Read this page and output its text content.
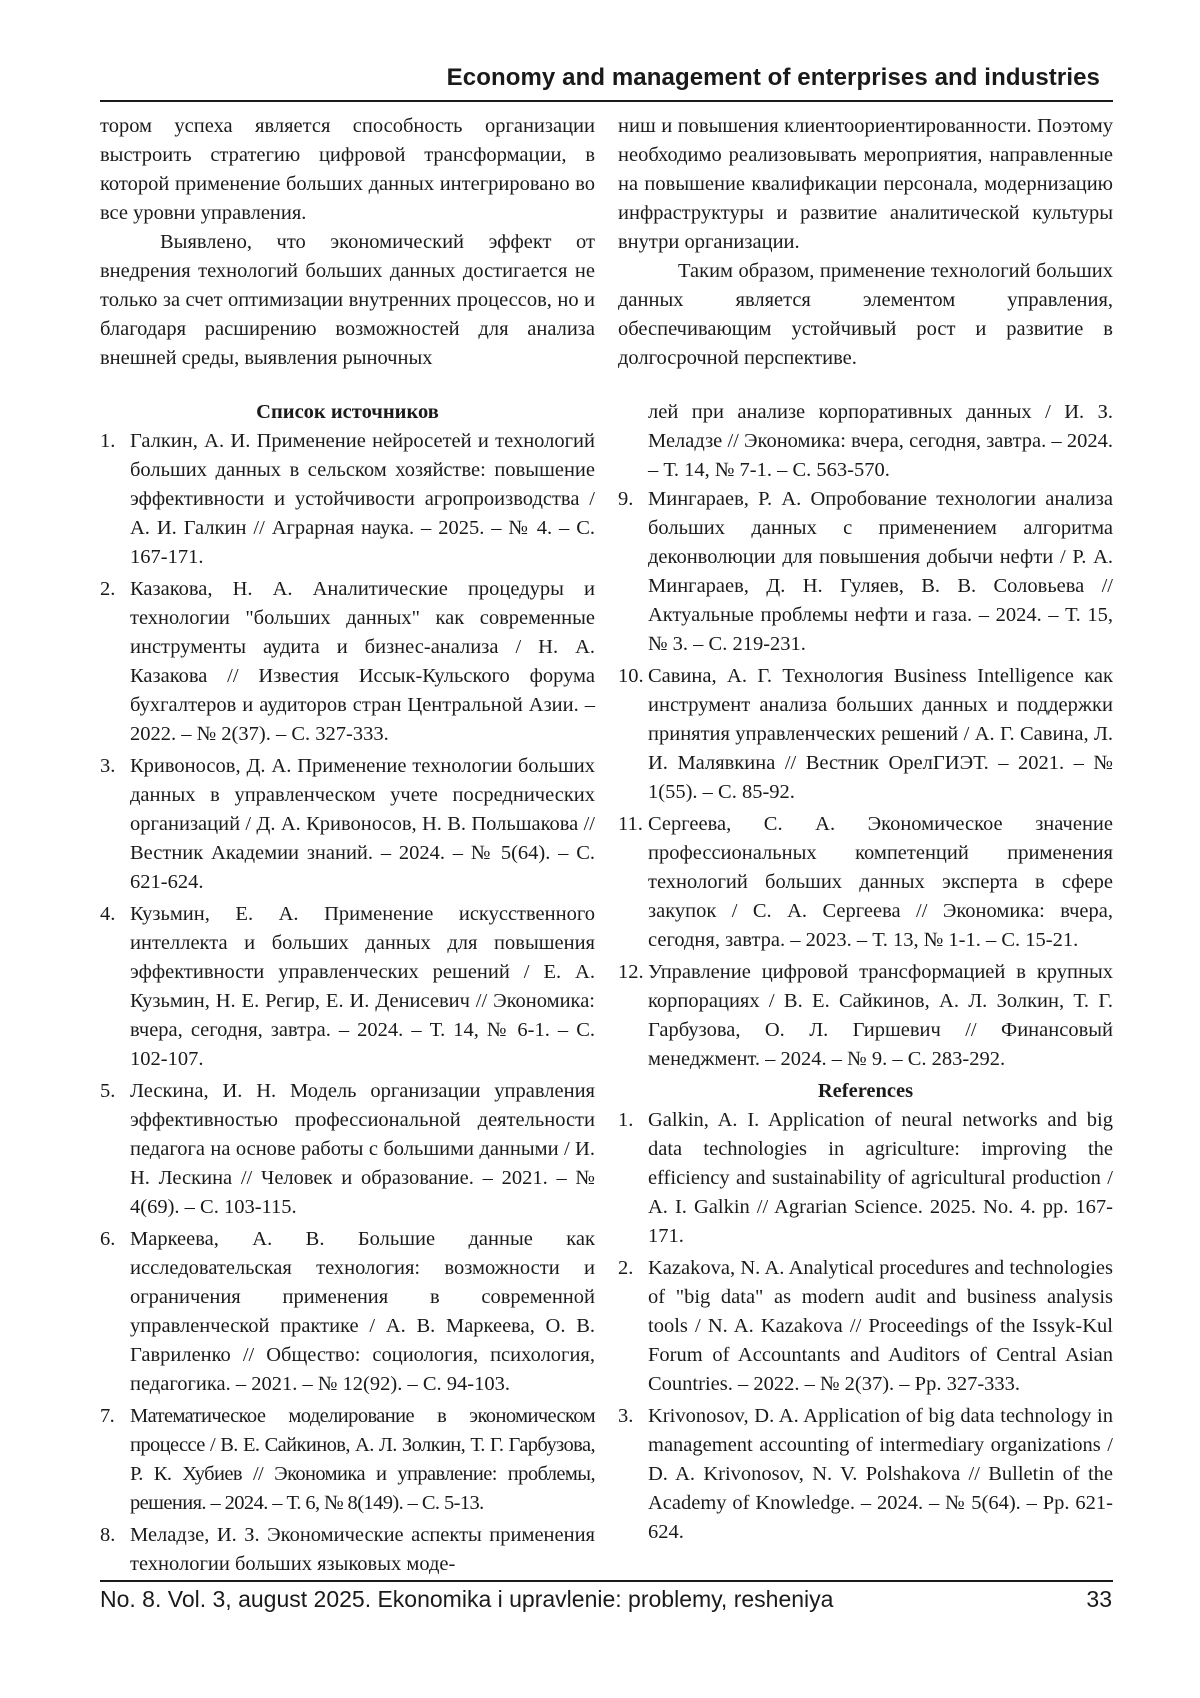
Economy and management of enterprises and industries

тором успеха является способность организации выстроить стратегию цифровой трансформации, в которой применение больших данных интегрировано во все уровни управления.

Выявлено, что экономический эффект от внедрения технологий больших данных достигается не только за счет оптимизации внутренних процессов, но и благодаря расширению возможностей для анализа внешней среды, выявления рыночных

ниш и повышения клиентоориентированности. Поэтому необходимо реализовывать мероприятия, направленные на повышение квалификации персонала, модернизацию инфраструктуры и развитие аналитической культуры внутри организации.

Таким образом, применение технологий больших данных является элементом управления, обеспечивающим устойчивый рост и развитие в долгосрочной перспективе.

Список источников

1. Галкин, А. И. Применение нейросетей и технологий больших данных в сельском хозяйстве: повышение эффективности и устойчивости агропроизводства / А. И. Галкин // Аграрная наука. – 2025. – № 4. – С. 167-171.
2. Казакова, Н. А. Аналитические процедуры и технологии "больших данных" как современные инструменты аудита и бизнес-анализа / Н. А. Казакова // Известия Иссык-Кульского форума бухгалтеров и аудиторов стран Центральной Азии. – 2022. – № 2(37). – С. 327-333.
3. Кривоносов, Д. А. Применение технологии больших данных в управленческом учете посреднических организаций / Д. А. Кривоносов, Н. В. Польшакова // Вестник Академии знаний. – 2024. – № 5(64). – С. 621-624.
4. Кузьмин, Е. А. Применение искусственного интеллекта и больших данных для повышения эффективности управленческих решений / Е. А. Кузьмин, Н. Е. Регир, Е. И. Денисевич // Экономика: вчера, сегодня, завтра. – 2024. – Т. 14, № 6-1. – С. 102-107.
5. Лескина, И. Н. Модель организации управления эффективностью профессиональной деятельности педагога на основе работы с большими данными / И. Н. Лескина // Человек и образование. – 2021. – № 4(69). – С. 103-115.
6. Маркеева, А. В. Большие данные как исследовательская технология: возможности и ограничения применения в современной управленческой практике / А. В. Маркеева, О. В. Гавриленко // Общество: социология, психология, педагогика. – 2021. – № 12(92). – С. 94-103.
7. Математическое моделирование в экономическом процессе / В. Е. Сайкинов, А. Л. Золкин, Т. Г. Гарбузова, Р. К. Хубиев // Экономика и управление: проблемы, решения. – 2024. – Т. 6, № 8(149). – С. 5-13.
8. Меладзе, И. З. Экономические аспекты применения технологии больших языковых моде-

лей при анализе корпоративных данных / И. З. Меладзе // Экономика: вчера, сегодня, завтра. – 2024. – Т. 14, № 7-1. – С. 563-570.

9. Мингараев, Р. А. Опробование технологии анализа больших данных с применением алгоритма деконволюции для повышения добычи нефти / Р. А. Мингараев, Д. Н. Гуляев, В. В. Соловьева // Актуальные проблемы нефти и газа. – 2024. – Т. 15, № 3. – С. 219-231.
10. Савина, А. Г. Технология Business Intelligence как инструмент анализа больших данных и поддержки принятия управленческих решений / А. Г. Савина, Л. И. Малявкина // Вестник ОрелГИЭТ. – 2021. – № 1(55). – С. 85-92.
11. Сергеева, С. А. Экономическое значение профессиональных компетенций применения технологий больших данных эксперта в сфере закупок / С. А. Сергеева // Экономика: вчера, сегодня, завтра. – 2023. – Т. 13, № 1-1. – С. 15-21.
12. Управление цифровой трансформацией в крупных корпорациях / В. Е. Сайкинов, А. Л. Золкин, Т. Г. Гарбузова, О. Л. Гиршевич // Финансовый менеджмент. – 2024. – № 9. – С. 283-292.

References

1. Galkin, A. I. Application of neural networks and big data technologies in agriculture: improving the efficiency and sustainability of agricultural production / A. I. Galkin // Agrarian Science. 2025. No. 4. pp. 167-171.
2. Kazakova, N. A. Analytical procedures and technologies of "big data" as modern audit and business analysis tools / N. A. Kazakova // Proceedings of the Issyk-Kul Forum of Accountants and Auditors of Central Asian Countries. – 2022. – № 2(37). – Pp. 327-333.
3. Krivonosov, D. A. Application of big data technology in management accounting of intermediary organizations / D. A. Krivonosov, N. V. Polshakova // Bulletin of the Academy of Knowledge. – 2024. – № 5(64). – Pp. 621-624.
No. 8. Vol. 3, august 2025. Ekonomika i upravlenie: problemy, resheniya	33
